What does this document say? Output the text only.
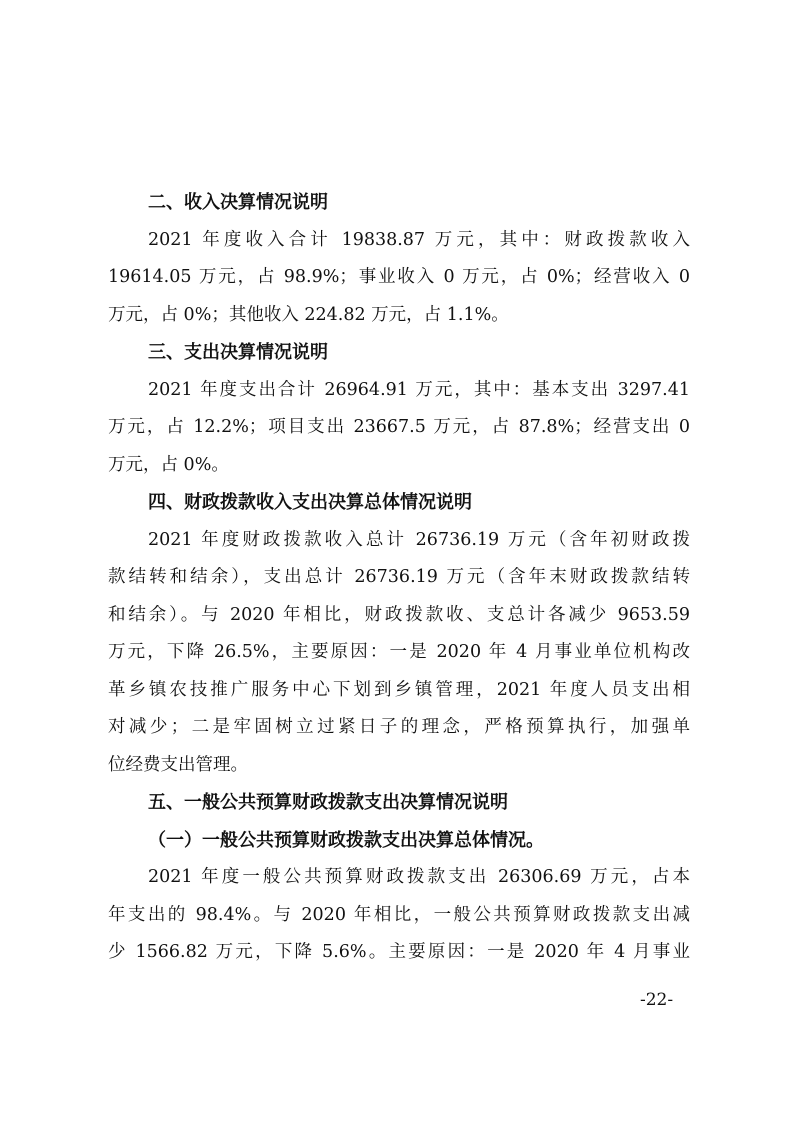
二、收入决算情况说明

2021 年度收入合计 19838.87 万元，其中：财政拨款收入
19614.05 万元，占 98.9%；事业收入 0 万元，占 0%；经营收入 0
万元，占 0%；其他收入 224.82 万元，占 1.1%。

三、支出决算情况说明

2021 年度支出合计 26964.91 万元，其中：基本支出 3297.41
万元，占 12.2%；项目支出 23667.5 万元，占 87.8%；经营支出 0
万元，占 0%。

四、财政拨款收入支出决算总体情况说明

2021 年度财政拨款收入总计 26736.19 万元（含年初财政拨
款结转和结余），支出总计 26736.19 万元（含年末财政拨款结转
和结余）。与 2020 年相比，财政拨款收、支总计各减少 9653.59
万元，下降 26.5%，主要原因：一是 2020 年 4 月事业单位机构改
革乡镇农技推广服务中心下划到乡镇管理，2021 年度人员支出相
对减少；二是牢固树立过紧日子的理念，严格预算执行，加强单
位经费支出管理。

五、一般公共预算财政拨款支出决算情况说明
（一）一般公共预算财政拨款支出决算总体情况。

2021 年度一般公共预算财政拨款支出 26306.69 万元，占本
年支出的 98.4%。与 2020 年相比，一般公共预算财政拨款支出减
少 1566.82 万元，下降 5.6%。主要原因：一是 2020 年 4 月事业

-22-
